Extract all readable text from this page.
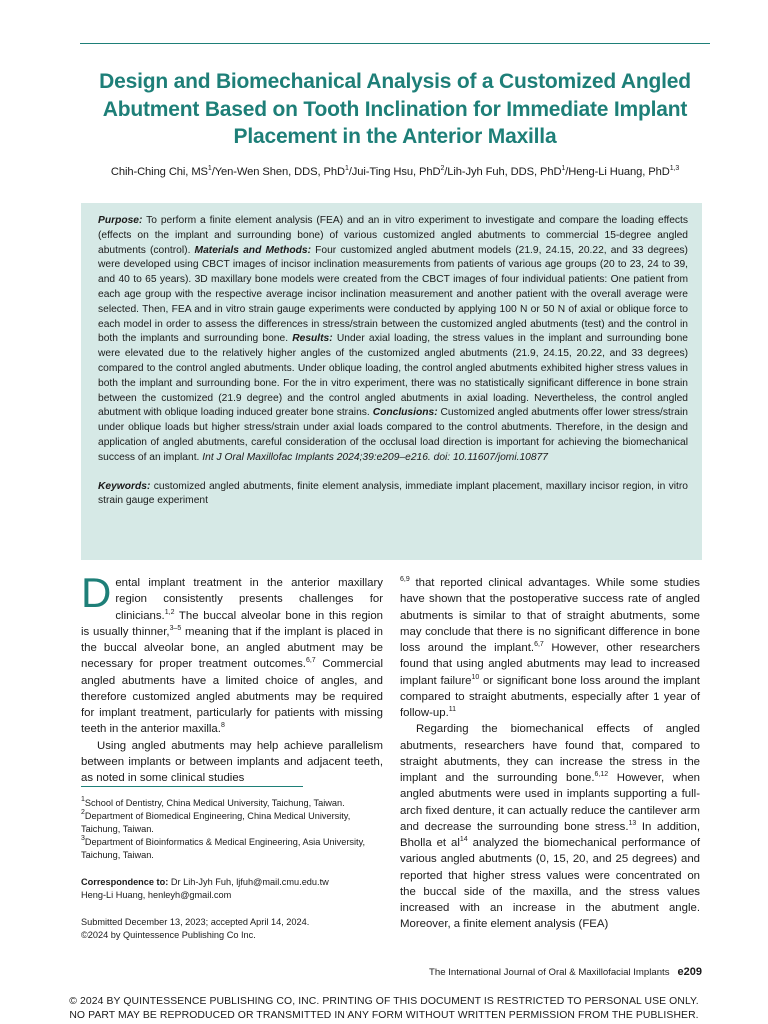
Design and Biomechanical Analysis of a Customized Angled Abutment Based on Tooth Inclination for Immediate Implant Placement in the Anterior Maxilla
Chih-Ching Chi, $MS^1/Yen$-Wen Shen, DDS, PhD$^1$/Jui-Ting Hsu, PhD$^2$/Lih-Jyh Fuh, DDS, PhD$^1$/Heng-Li Huang, PhD$^{1,3}$
Purpose: To perform a finite element analysis (FEA) and an in vitro experiment to investigate and compare the loading effects (effects on the implant and surrounding bone) of various customized angled abutments to commercial 15-degree angled abutments (control). Materials and Methods: Four customized angled abutment models (21.9, 24.15, 20.22, and 33 degrees) were developed using CBCT images of incisor inclination measurements from patients of various age groups (20 to 23, 24 to 39, and 40 to 65 years). 3D maxillary bone models were created from the CBCT images of four individual patients: One patient from each age group with the respective average incisor inclination measurement and another patient with the overall average were selected. Then, FEA and in vitro strain gauge experiments were conducted by applying 100 N or 50 N of axial or oblique force to each model in order to assess the differences in stress/strain between the customized angled abutments (test) and the control in both the implants and surrounding bone. Results: Under axial loading, the stress values in the implant and surrounding bone were elevated due to the relatively higher angles of the customized angled abutments (21.9, 24.15, 20.22, and 33 degrees) compared to the control angled abutments. Under oblique loading, the control angled abutments exhibited higher stress values in both the implant and surrounding bone. For the in vitro experiment, there was no statistically significant difference in bone strain between the customized (21.9 degree) and the control angled abutments in axial loading. Nevertheless, the control angled abutment with oblique loading induced greater bone strains. Conclusions: Customized angled abutments offer lower stress/strain under oblique loads but higher stress/strain under axial loads compared to the control abutments. Therefore, in the design and application of angled abutments, careful consideration of the occlusal load direction is important for achieving the biomechanical success of an implant. Int J Oral Maxillofac Implants 2024;39:e209–e216. doi: 10.11607/jomi.10877
Keywords: customized angled abutments, finite element analysis, immediate implant placement, maxillary incisor region, in vitro strain gauge experiment

Dental implant treatment in the anterior maxillary region consistently presents challenges for clinicians.$^{1,2}$ The buccal alveolar bone in this region is usually thinner,$^{3-5}$ meaning that if the implant is placed in the buccal alveolar bone, an angled abutment may be necessary for proper treatment outcomes.$^{6,7}$ Commercial angled abutments have a limited choice of angles, and therefore customized angled abutments may be required for implant treatment, particularly for patients with missing teeth in the anterior maxilla.$^8$

Using angled abutments may help achieve parallelism between implants or between implants and adjacent teeth, as noted in some clinical studies

$^{6,9}$ that reported clinical advantages. While some studies have shown that the postoperative success rate of angled abutments is similar to that of straight abutments, some may conclude that there is no significant difference in bone loss around the implant.$^{6,7}$ However, other researchers found that using angled abutments may lead to increased implant failure$^{10}$ or significant bone loss around the implant compared to straight abutments, especially after 1 year of follow-up.$^{11}$

Regarding the biomechanical effects of angled abutments, researchers have found that, compared to straight abutments, they can increase the stress in the implant and the surrounding bone.$^{6,12}$ However, when angled abutments were used in implants supporting a full-arch fixed denture, it can actually reduce the cantilever arm and decrease the surrounding bone stress.$^{13}$ In addition, Bholla et $al^{14}$ analyzed the biomechanical performance of various angled abutments (0, 15, 20, and 25 degrees) and reported that higher stress values were concentrated on the buccal side of the maxilla, and the stress values increased with an increase in the abutment angle. Moreover, a finite element analysis (FEA)

$^1$School of Dentistry, China Medical University, Taichung, Taiwan.
$^2$Department of Biomedical Engineering, China Medical University, Taichung, Taiwan.
$^3$Department of Bioinformatics & Medical Engineering, Asia University, Taichung, Taiwan.
Correspondence to: Dr Lih-Jyh Fuh, ljfuh@mail.cmu.edu.tw
Heng-Li Huang, henleyh@gmail.com
Submitted December 13, 2023; accepted April 14, 2024.
©2024 by Quintessence Publishing Co Inc.
The International Journal of Oral & Maxillofacial Implants e209
© 2024 BY QUINTESSENCE PUBLISHING CO, INC. PRINTING OF THIS DOCUMENT IS RESTRICTED TO PERSONAL USE ONLY.
NO PART MAY BE REPRODUCED OR TRANSMITTED IN ANY FORM WITHOUT WRITTEN PERMISSION FROM THE PUBLISHER.
